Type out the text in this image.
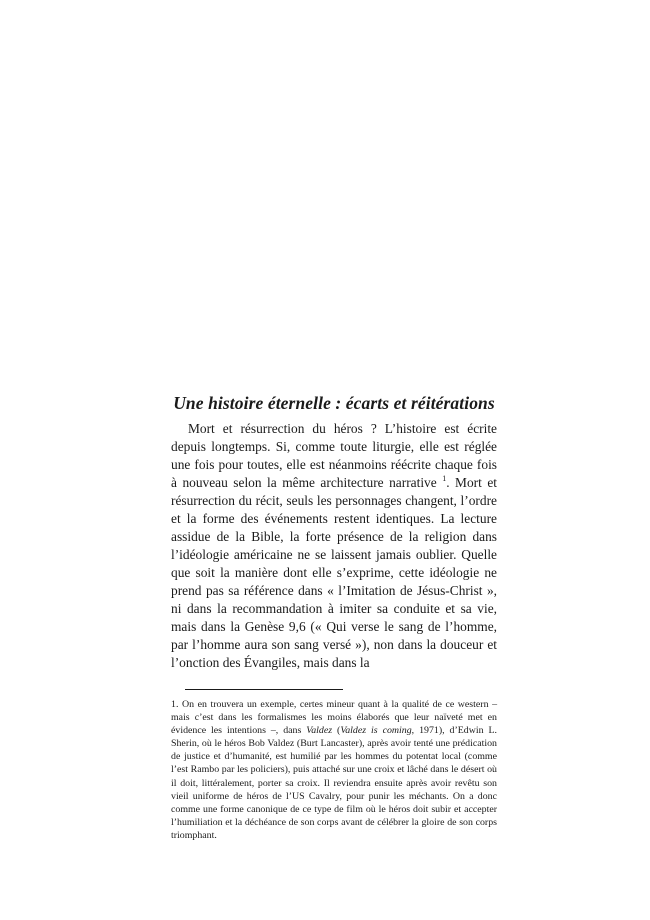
Une histoire éternelle : écarts et réitérations

Mort et résurrection du héros ? L’histoire est écrite depuis longtemps. Si, comme toute liturgie, elle est réglée une fois pour toutes, elle est néanmoins réécrite chaque fois à nouveau selon la même architecture narrative $^1$. Mort et résurrection du récit, seuls les personnages changent, l’ordre et la forme des événements restent identiques. La lecture assidue de la Bible, la forte présence de la religion dans l’idéologie américaine ne se laissent jamais oublier. Quelle que soit la manière dont elle s’exprime, cette idéologie ne prend pas sa référence dans « l’Imitation de Jésus-Christ », ni dans la recommandation à imiter sa conduite et sa vie, mais dans la Genèse 9,6 (« Qui verse le sang de l’homme, par l’homme aura son sang versé »), non dans la douceur et l’onction des Évangiles, mais dans la

1. On en trouvera un exemple, certes mineur quant à la qualité de ce western – mais c’est dans les formalismes les moins élaborés que leur naïveté met en évidence les intentions –, dans Valdez (Valdez is coming, 1971), d’Edwin L. Sherin, où le héros Bob Valdez (Burt Lancaster), après avoir tenté une prédication de justice et d’humanité, est humilié par les hommes du potentat local (comme l’est Rambo par les policiers), puis attaché sur une croix et lâché dans le désert où il doit, littéralement, porter sa croix. Il reviendra ensuite après avoir revêtu son vieil uniforme de héros de l’US Cavalry, pour punir les méchants. On a donc comme une forme canonique de ce type de film où le héros doit subir et accepter l’humiliation et la déchéance de son corps avant de célébrer la gloire de son corps triomphant.
